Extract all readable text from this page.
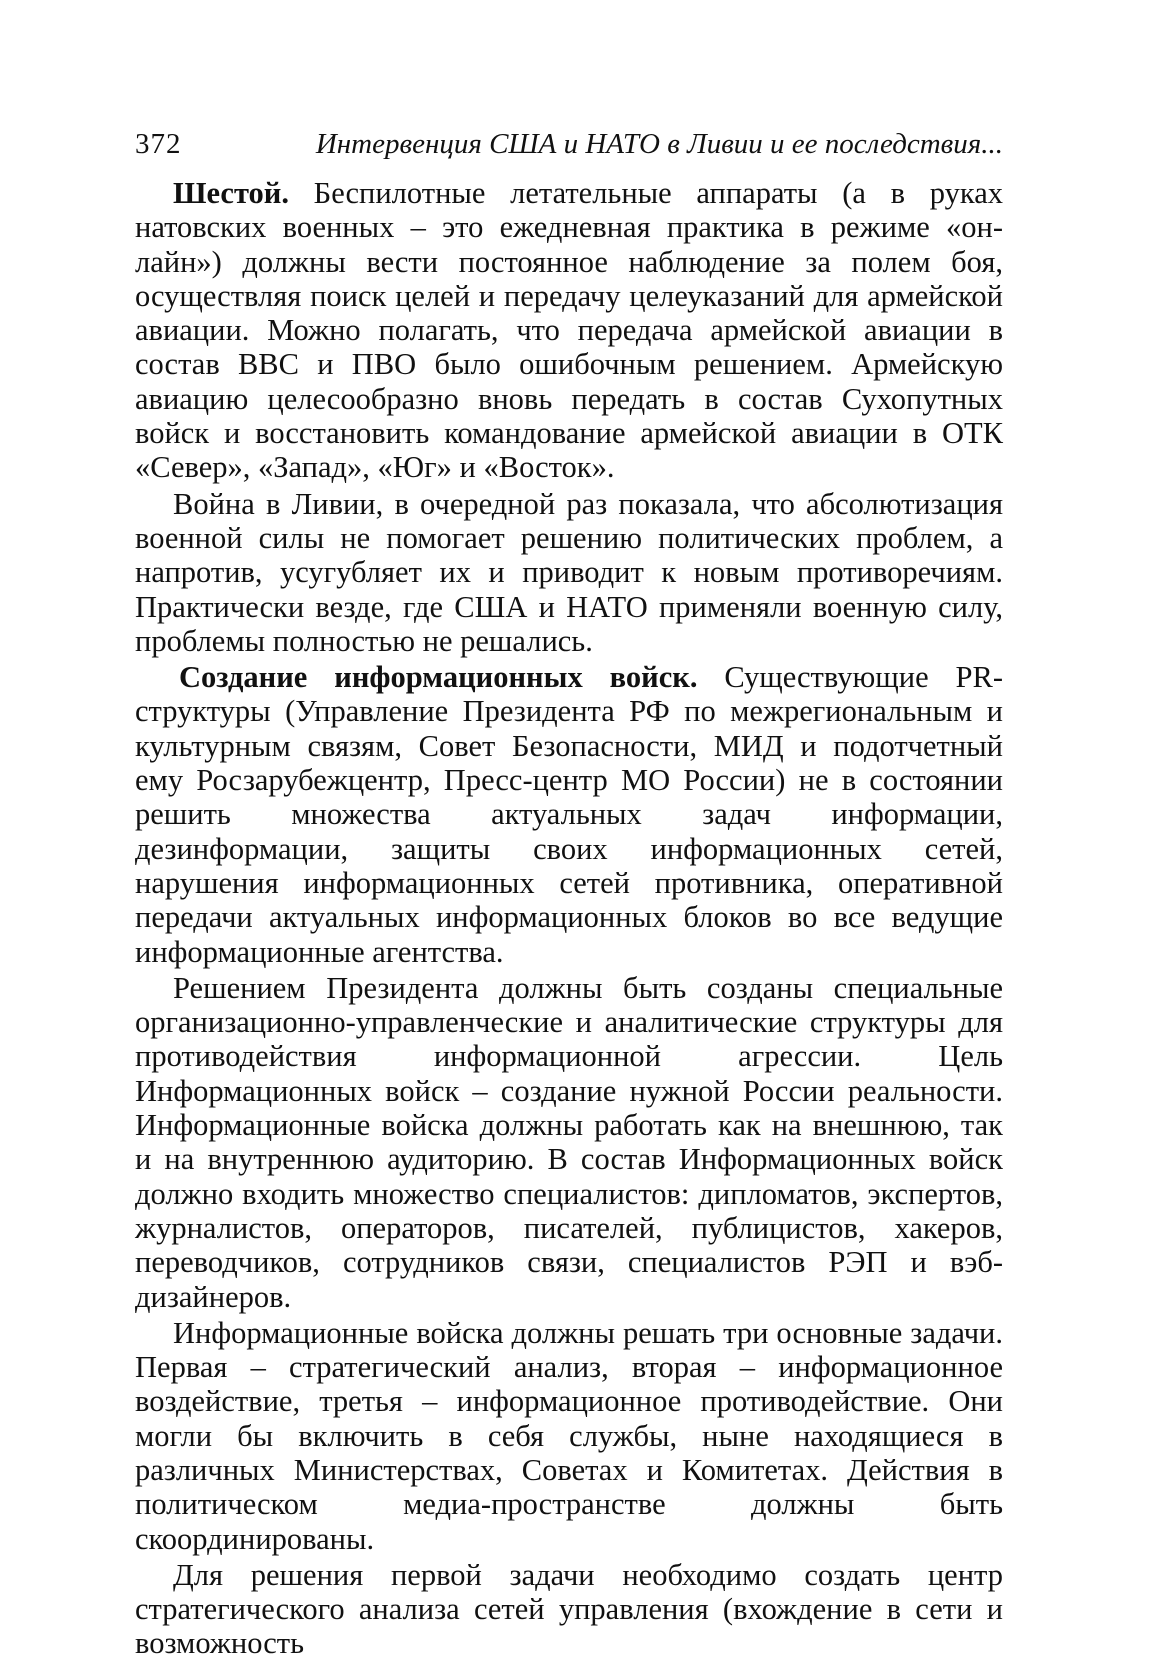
372	Интервенция США и НАТО в Ливии и ее последствия...

Шестой. Беспилотные летательные аппараты (а в руках натовских военных – это ежедневная практика в режиме «он-лайн») должны вести постоянное наблюдение за полем боя, осуществляя поиск целей и передачу целеуказаний для армейской авиации. Можно полагать, что передача армейской авиации в состав ВВС и ПВО было ошибочным решением. Армейскую авиацию целесообразно вновь передать в состав Сухопутных войск и восстановить командование армейской авиации в ОТК «Север», «Запад», «Юг» и «Восток».

Война в Ливии, в очередной раз показала, что абсолютизация военной силы не помогает решению политических проблем, а напротив, усугубляет их и приводит к новым противоречиям. Практически везде, где США и НАТО применяли военную силу, проблемы полностью не решались.

Создание информационных войск. Существующие PR-структуры (Управление Президента РФ по межрегиональным и культурным связям, Совет Безопасности, МИД и подотчетный ему Росзарубежцентр, Пресс-центр МО России) не в состоянии решить множества актуальных задач информации, дезинформации, защиты своих информационных сетей, нарушения информационных сетей противника, оперативной передачи актуальных информационных блоков во все ведущие информационные агентства.

Решением Президента должны быть созданы специальные организационно-управленческие и аналитические структуры для противодействия информационной агрессии. Цель Информационных войск – создание нужной России реальности. Информационные войска должны работать как на внешнюю, так и на внутреннюю аудиторию. В состав Информационных войск должно входить множество специалистов: дипломатов, экспертов, журналистов, операторов, писателей, публицистов, хакеров, переводчиков, сотрудников связи, специалистов РЭП и вэб-дизайнеров.

Информационные войска должны решать три основные задачи. Первая – стратегический анализ, вторая – информационное воздействие, третья – информационное противодействие. Они могли бы включить в себя службы, ныне находящиеся в различных Министерствах, Советах и Комитетах. Действия в политическом медиа-пространстве должны быть скоординированы.

Для решения первой задачи необходимо создать центр стратегического анализа сетей управления (вхождение в сети и возможность
